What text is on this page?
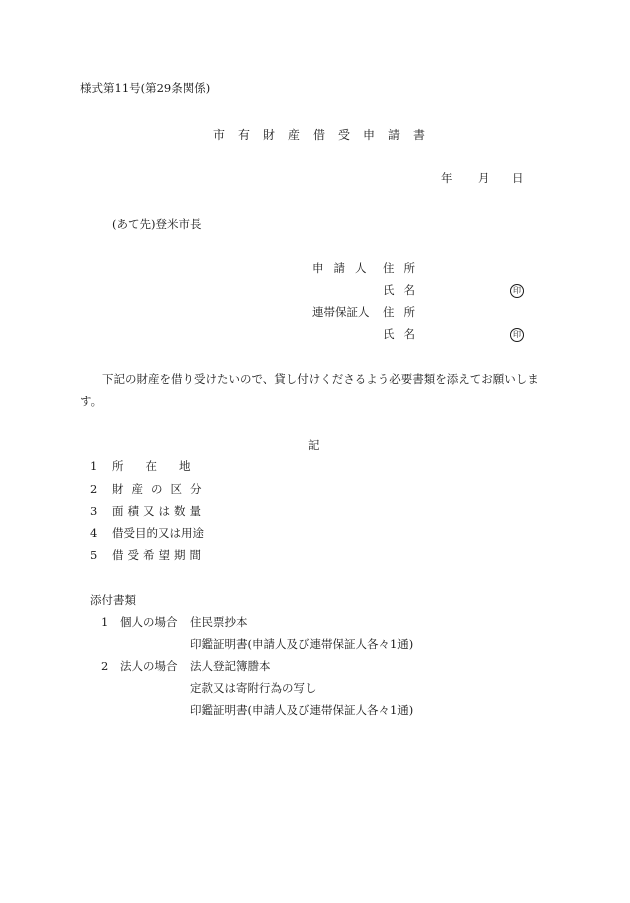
様式第11号(第29条関係)
市有財産借受申請書
年 月 日
(あて先)登米市長
申請人 住所
氏名	印
連帯保証人 住所
氏名	印
下記の財産を借り受けたいので、貸し付けくださるよう必要書類を添えてお願いします。
記
1 所在地
2 財産の区分
3 面積又は数量
4 借受目的又は用途
5 借受希望期間
添付書類
1 個人の場合 住民票抄本
印鑑証明書(申請人及び連帯保証人各々1通)
2 法人の場合 法人登記簿謄本
定款又は寄附行為の写し
印鑑証明書(申請人及び連帯保証人各々1通)
